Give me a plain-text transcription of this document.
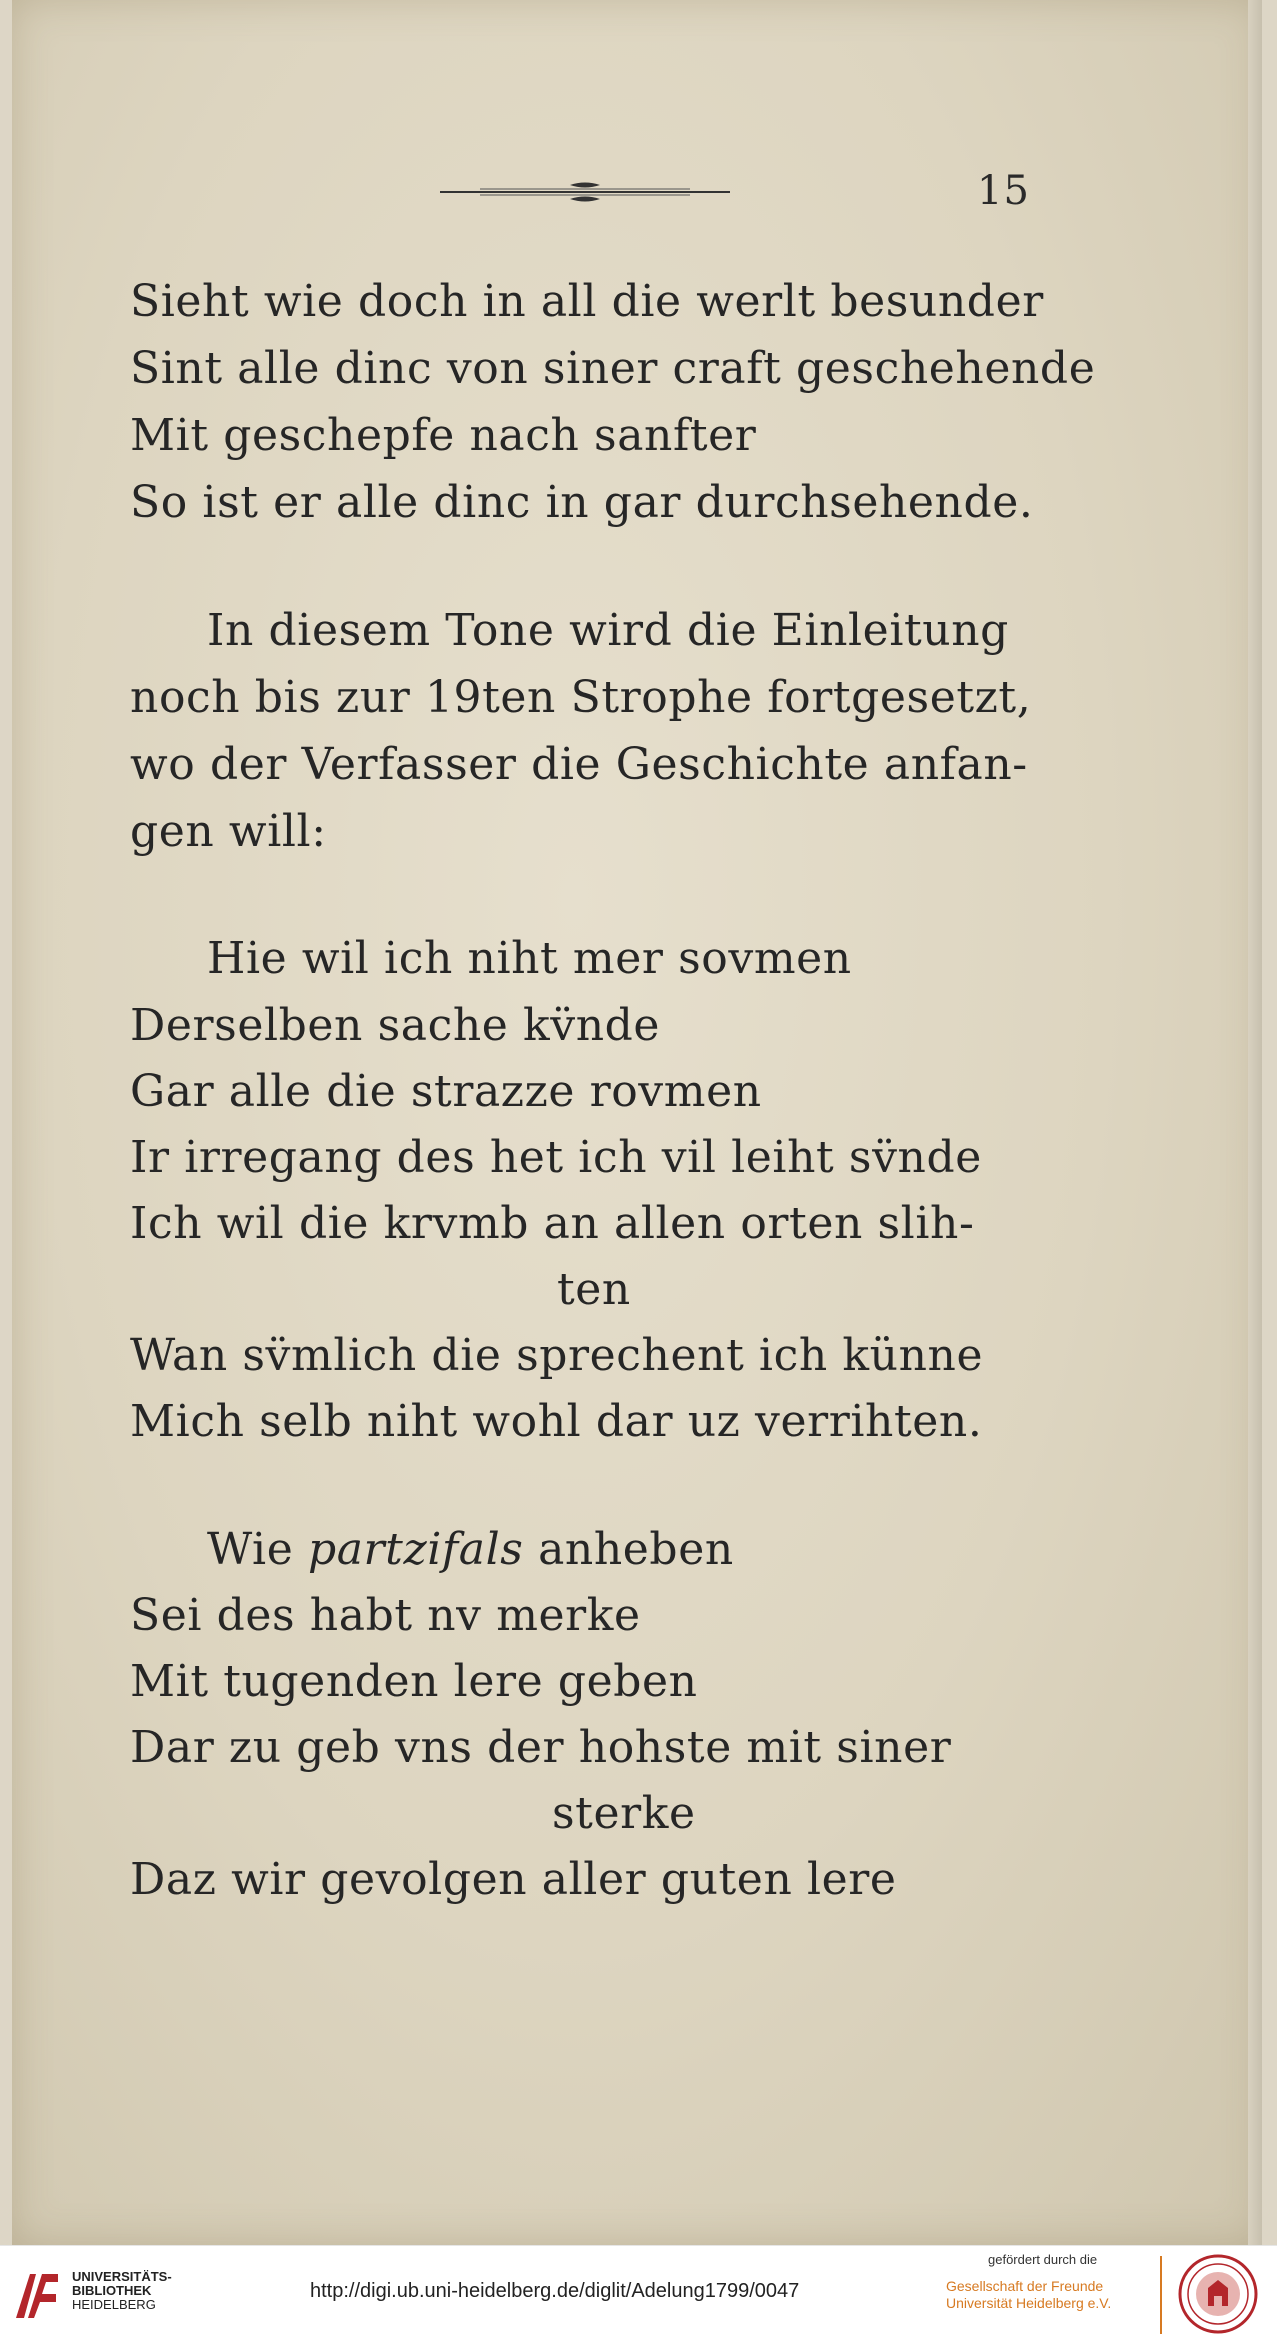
15
Sieht wie doch in all die werlt besunder
Sint alle dinc von siner craft geschehende
Mit geschepfe nach sanfter
So ist er alle dinc in gar durchsehende.
In diesem Tone wird die Einleitung
noch bis zur 19ten Strophe fortgesetzt,
wo der Verfasser die Geschichte anfan-
gen will:
Hie wil ich niht mer sovmen
Derselben sache kv̈nde
Gar alle die strazze rovmen
Ir irregang des het ich vil leiht sv̈nde
Ich wil die krvmb an allen orten slih-
ten
Wan sv̈mlich die sprechent ich künne
Mich selb niht wohl dar uz verrihten.
Wie partzifals anheben
Sei des habt nv merke
Mit tugenden lere geben
Dar zu geb vns der hohste mit siner
sterke
Daz wir gevolgen aller guten lere
UNIVERSITÄTS-
BIBLIOTHEK
HEIDELBERG
http://digi.ub.uni-heidelberg.de/diglit/Adelung1799/0047
gefördert durch die
Gesellschaft der Freunde
Universität Heidelberg e.V.
